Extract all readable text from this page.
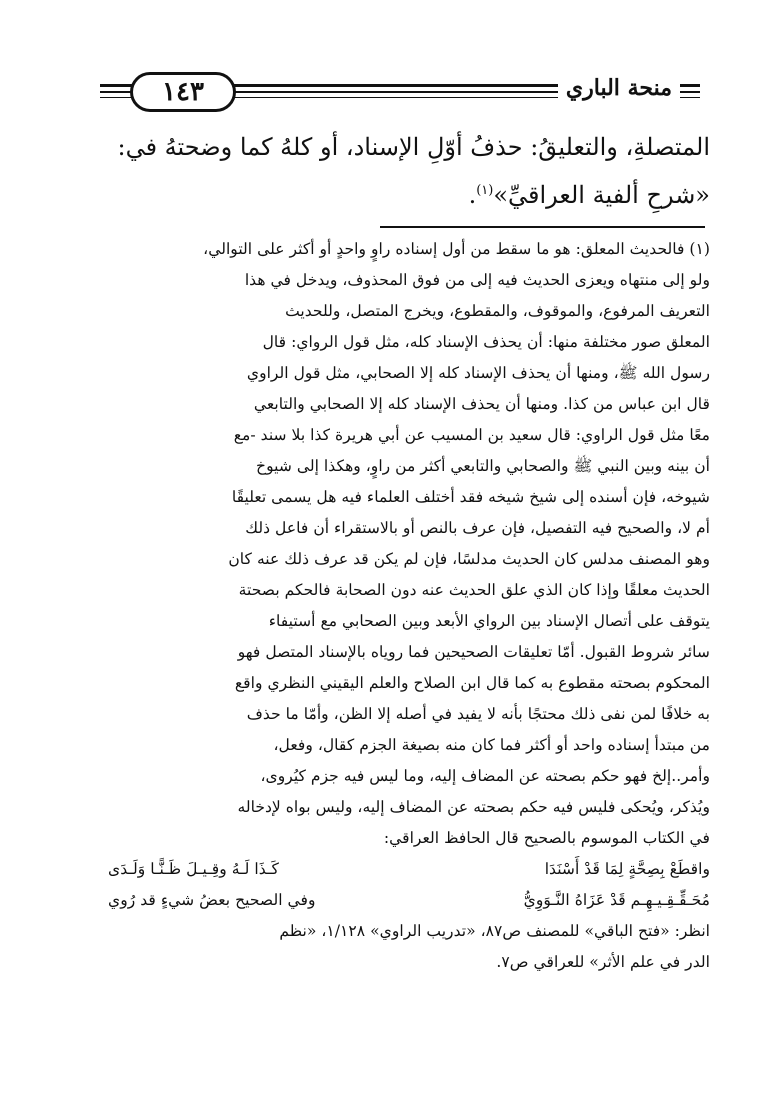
١٤٣	منحة الباري

المتصلةِ، والتعليقُ: حذفُ أوّلِ الإسناد، أو كلهُ كما وضحتهُ في:

«شرحِ ألفية العراقيِّ»$^{(١)}$.

(١) فالحديث المعلق: هو ما سقط من أول إسناده راوٍ واحدٍ أو أكثر على التوالي،

ولو إلى منتهاه ويعزى الحديث فيه إلى من فوق المحذوف، ويدخل في هذا

التعريف المرفوع، والموقوف، والمقطوع، ويخرج المتصل، وللحديث

المعلق صور مختلفة منها: أن يحذف الإسناد كله، مثل قول الرواي: قال

رسول الله ﷺ، ومنها أن يحذف الإسناد كله إلا الصحابي، مثل قول الراوي

قال ابن عباس من كذا. ومنها أن يحذف الإسناد كله إلا الصحابي والتابعي

معًا مثل قول الراوي: قال سعيد بن المسيب عن أبي هريرة كذا بلا سند -مع

أن بينه وبين النبي ﷺ والصحابي والتابعي أكثر من راوٍ، وهكذا إلى شيوخ

شيوخه، فإن أسنده إلى شيخ شيخه فقد أختلف العلماء فيه هل يسمى تعليقًا

أم لا، والصحيح فيه التفصيل، فإن عرف بالنص أو بالاستقراء أن فاعل ذلك

وهو المصنف مدلس كان الحديث مدلسًا، فإن لم يكن قد عرف ذلك عنه كان

الحديث معلقًا وإذا كان الذي علق الحديث عنه دون الصحابة فالحكم بصحتة

يتوقف على أتصال الإسناد بين الرواي الأبعد وبين الصحابي مع أستيفاء

سائر شروط القبول. أمّا تعليقات الصحيحين فما روياه بالإسناد المتصل فهو

المحكوم بصحته مقطوع به كما قال ابن الصلاح والعلم اليقيني النظري واقع

به خلافًا لمن نفى ذلك محتجًا بأنه لا يفيد في أصله إلا الظن، وأمّا ما حذف

من مبتدأ إسناده واحد أو أكثر فما كان منه بصيغة الجزم كقال، وفعل،

وأمر..إلخ فهو حكم بصحته عن المضاف إليه، وما ليس فيه جزم كيُروى،

ويُذكر، ويُحكى فليس فيه حكم بصحته عن المضاف إليه، وليس بواه لإدخاله

في الكتاب الموسوم بالصحيح قال الحافظ العراقي:

واقطَعْ بِصِحَّةٍ لِمَا قَدْ أَسْنَدَا
كَـذَا لَـهُ وقِـيـلَ ظَـنًّـا وَلَـدَى
مُحَـقِّـقِـيـهِـم قَدْ عَزَاهُ النَّـوَوِيُّ
وفي الصحيح بعضُ شيءٍ قد رُوي

انظر: «فتح الباقي» للمصنف ص٨٧، «تدريب الراوي» ١/١٢٨، «نظم

الدر في علم الأثر» للعراقي ص٧.
